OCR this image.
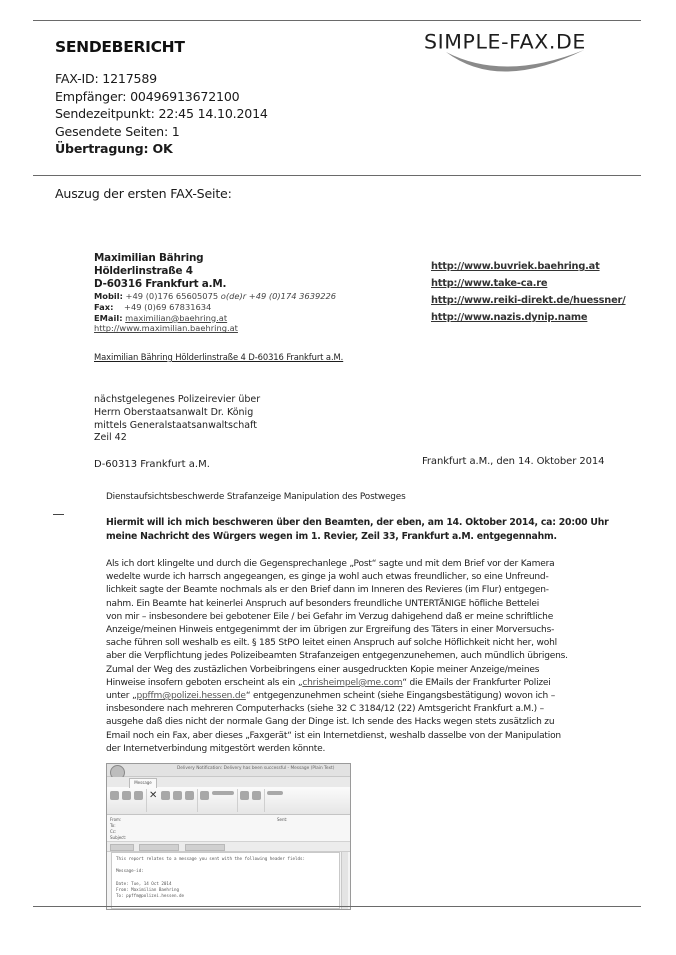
SENDEBERICHT
FAX-ID: 1217589
Empfänger: 00496913672100
Sendezeitpunkt: 22:45 14.10.2014
Gesendete Seiten: 1
Übertragung: OK
SIMPLE-FAX.DE
Auszug der ersten FAX-Seite:
Maximilian Bähring
Hölderlinstraße 4
D-60316 Frankfurt a.M.
Mobil: +49 (0)176 65605075 o(de)r +49 (0)174 3639226
Fax: +49 (0)69 67831634
EMail: maximilian@baehring.at
http://www.maximilian.baehring.at
Maximilian Bähring Hölderlinstraße 4 D-60316 Frankfurt a.M.
http://www.buvriek.baehring.at
http://www.take-ca.re
http://www.reiki-direkt.de/huessner/
http://www.nazis.dynip.name
nächstgelegenes Polizeirevier über
Herrn Oberstaatsanwalt Dr. König
mittels Generalstaatsanwaltschaft
Zeil 42
D-60313 Frankfurt a.M.	Frankfurt a.M., den 14. Oktober 2014
Dienstaufsichtsbeschwerde Strafanzeige Manipulation des Postweges
Hiermit will ich mich beschweren über den Beamten, der eben, am 14. Oktober 2014, ca: 20:00 Uhr
meine Nachricht des Würgers wegen im 1. Revier, Zeil 33, Frankfurt a.M. entgegennahm.
Als ich dort klingelte und durch die Gegensprechanlege „Post“ sagte und mit dem Brief vor der Kamera
wedelte wurde ich harrsch angegeangen, es ginge ja wohl auch etwas freundlicher, so eine Unfreund-
lichkeit sagte der Beamte nochmals als er den Brief dann im Inneren des Revieres (im Flur) entgegen-
nahm. Ein Beamte hat keinerlei Anspruch auf besonders freundliche UNTERTÄNIGE höfliche Bettelei
von mir – insbesondere bei gebotener Eile / bei Gefahr im Verzug dahigehend daß er meine schriftliche
Anzeige/meinen Hinweis entgegenimmt der im übrigen zur Ergreifung des Täters in einer Morversuchs-
sache führen soll weshalb es eilt. § 185 StPO leitet einen Anspruch auf solche Höflichkeit nicht her, wohl
aber die Verpflichtung jedes Polizeibeamten Strafanzeigen entgegenzunehemen, auch mündlich übrigens.
Zumal der Weg des zustäzlichen Vorbeibringens einer ausgedruckten Kopie meiner Anzeige/meines
Hinweise insofern geboten erscheint als ein „chrisheimpel@me.com“ die EMails der Frankfurter Polizei
unter „ppffm@polizei.hessen.de“ entgegenzunehmen scheint (siehe Eingangsbestätigung) wovon ich –
insbesondere nach mehreren Computerhacks (siehe 32 C 3184/12 (22) Amtsgericht Frankfurt a.M.) –
ausgehe daß dies nicht der normale Gang der Dinge ist. Ich sende des Hacks wegen stets zusätzlich zu
Email noch ein Fax, aber dieses „Faxgerät“ ist ein Internetdienst, weshalb dasselbe von der Manipulation
der Internetverbindung mitgestört werden könnte.
Delivery Notification: Delivery has been successful - Message (Plain Text)
Message
✕
From:
To:
Cc:
Subject:
Sent:
This report relates to a message you sent with the following header fields:

Message-id:

Date: Tue, 14 Oct 2014
From: Maximilian Baehring
To: ppffm@polizei.hessen.de
